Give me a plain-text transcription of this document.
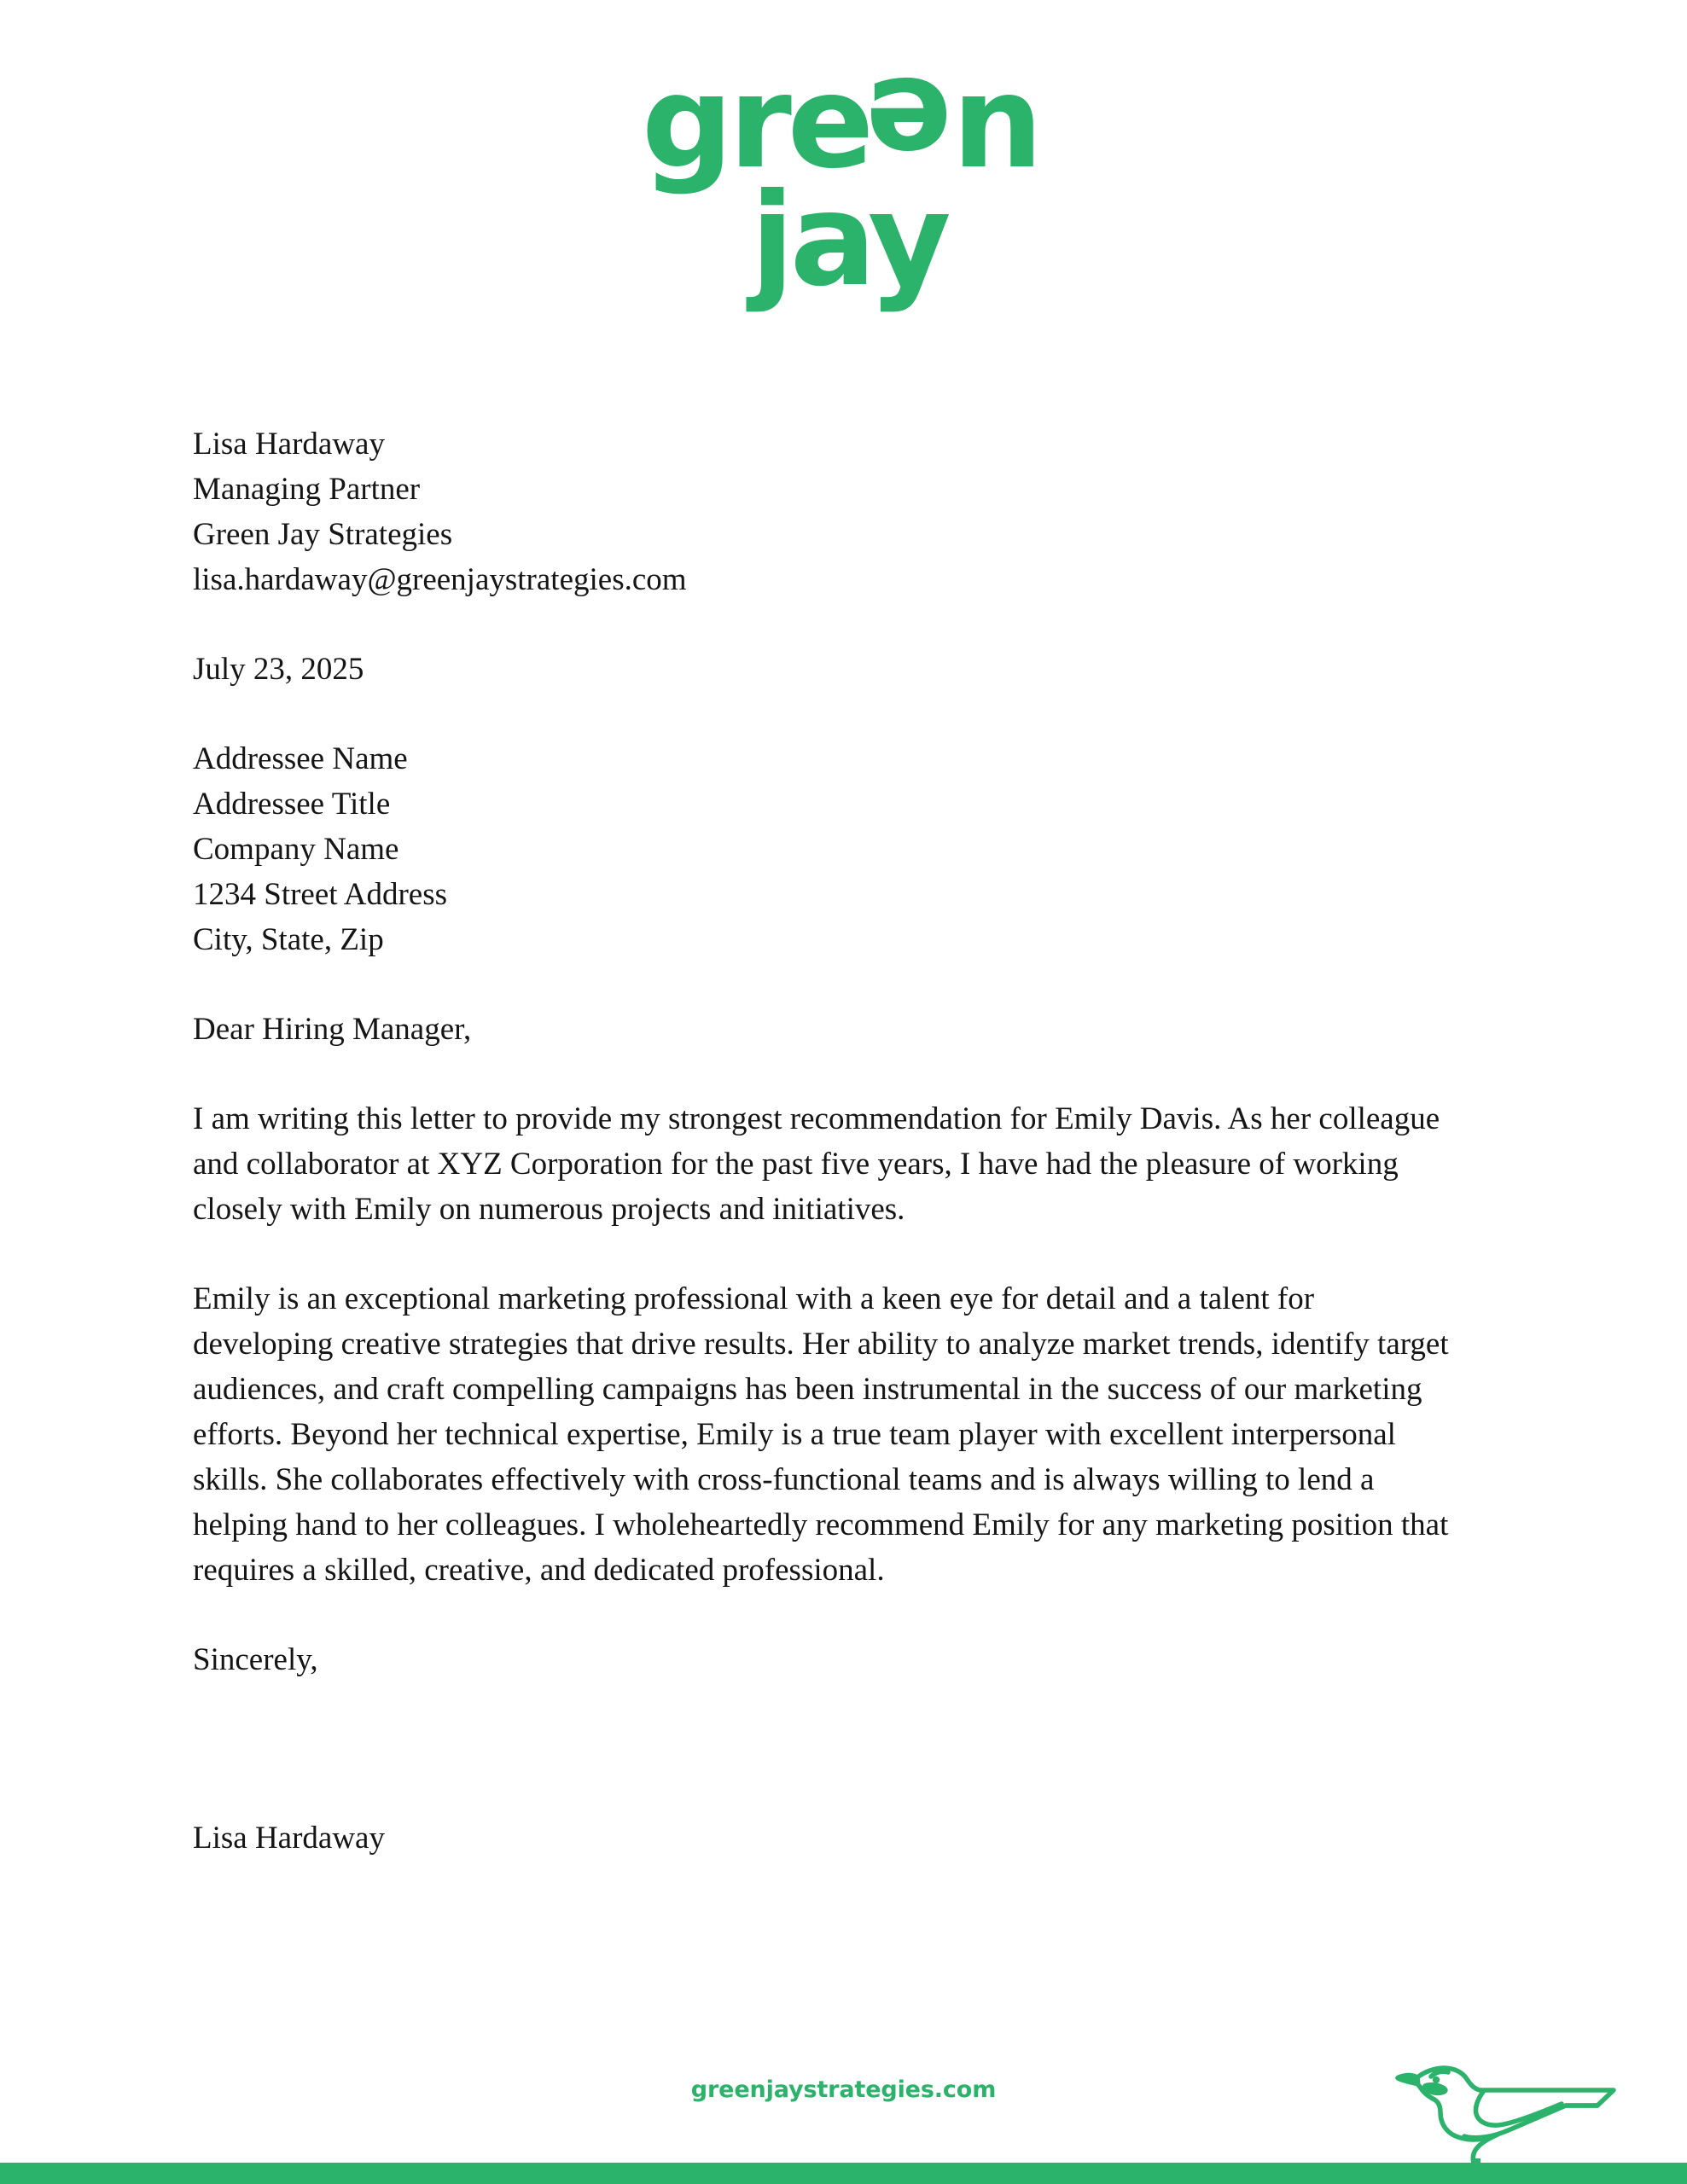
green
jay
Lisa Hardaway
Managing Partner
Green Jay Strategies
lisa.hardaway@greenjaystrategies.com
July 23, 2025
Addressee Name
Addressee Title
Company Name
1234 Street Address
City, State, Zip
Dear Hiring Manager,

I am writing this letter to provide my strongest recommendation for Emily Davis. As her colleague and collaborator at XYZ Corporation for the past five years, I have had the pleasure of working closely with Emily on numerous projects and initiatives.

Emily is an exceptional marketing professional with a keen eye for detail and a talent for developing creative strategies that drive results. Her ability to analyze market trends, identify target audiences, and craft compelling campaigns has been instrumental in the success of our marketing efforts. Beyond her technical expertise, Emily is a true team player with excellent interpersonal skills. She collaborates effectively with cross-functional teams and is always willing to lend a helping hand to her colleagues. I wholeheartedly recommend Emily for any marketing position that requires a skilled, creative, and dedicated professional.

Sincerely,
Lisa Hardaway
greenjaystrategies.com
